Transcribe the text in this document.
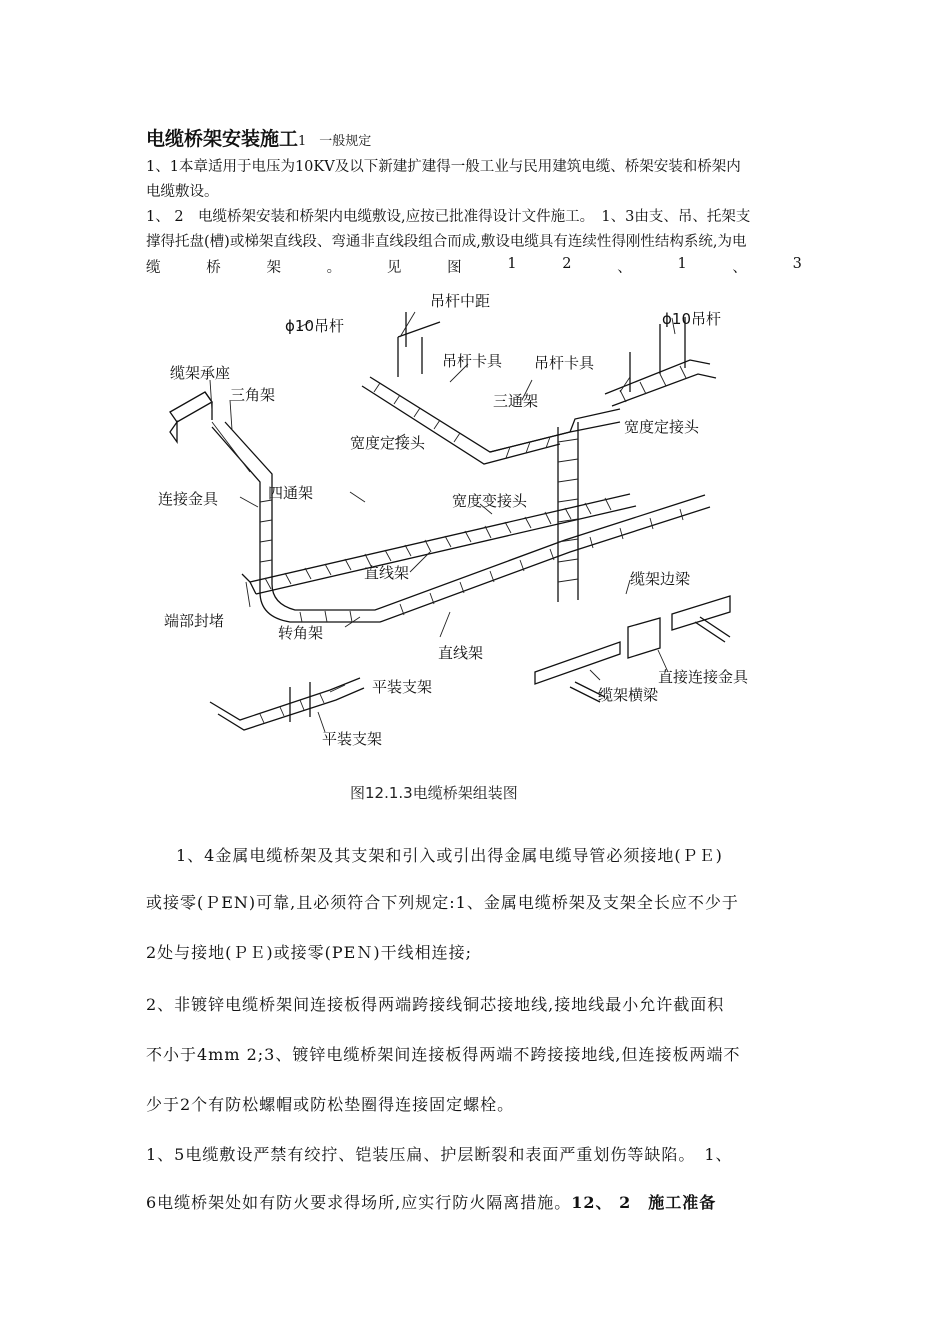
电缆桥架安装施工1　一般规定
1、1本章适用于电压为10KV及以下新建扩建得一般工业与民用建筑电缆、桥架安装和桥架内
电缆敷设。
1、 2　电缆桥架安装和桥架内电缆敷设,应按已批准得设计文件施工。　1、3由支、吊、托架支
撑得托盘(槽)或梯架直线段、弯通非直线段组合而成,敷设电缆具有连续性得刚性结构系统,为电
缆	桥	架	。	见	图	1	2	、	1	、	3
ϕ10吊杆
吊杆中距
ϕ10吊杆
缆架承座
三角架
吊杆卡具 吊杆卡具
三通架
宽度定接头
宽度定接头
连接金具	四通架	宽度变接头
直线架	缆架边梁
端部封堵
转角架
直线架
直接连接金具
缆架横梁
平装支架
平装支架
图12.1.3电缆桥架组装图
1、4金属电缆桥架及其支架和引入或引出得金属电缆导管必须接地(ＰＥ)
或接零(ＰEN)可靠,且必须符合下列规定:1、金属电缆桥架及支架全长应不少于
2处与接地(ＰＥ)或接零(PEＮ)干线相连接;
2、非镀锌电缆桥架间连接板得两端跨接线铜芯接地线,接地线最小允许截面积
不小于4mm 2;3、镀锌电缆桥架间连接板得两端不跨接接地线,但连接板两端不
少于2个有防松螺帽或防松垫圈得连接固定螺栓。
1、5电缆敷设严禁有绞拧、铠装压扁、护层断裂和表面严重划伤等缺陷。　1、
6电缆桥架处如有防火要求得场所,应实行防火隔离措施。12、 2　施工准备
